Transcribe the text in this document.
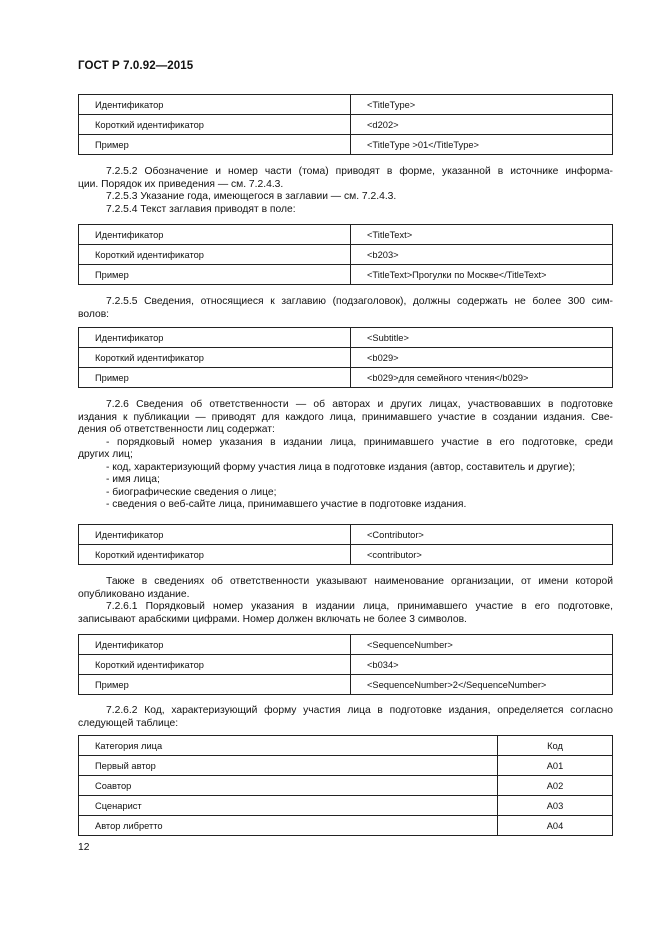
ГОСТ Р 7.0.92—2015
Идентификатор	<TitleType>
Короткий идентификатор	<d202>
Пример	<TitleType >01</TitleType>
7.2.5.2 Обозначение и номер части (тома) приводят в форме, указанной в источнике информа-
ции. Порядок их приведения — см. 7.2.4.3.
7.2.5.3 Указание года, имеющегося в заглавии — см. 7.2.4.3.
7.2.5.4 Текст заглавия приводят в поле:
Идентификатор	<TitleText>
Короткий идентификатор	<b203>
Пример	<TitleText>Прогулки по Москве</TitleText>
7.2.5.5 Сведения, относящиеся к заглавию (подзаголовок), должны содержать не более 300 сим-
волов:
Идентификатор	<Subtitle>
Короткий идентификатор	<b029>
Пример	<b029>для семейного чтения</b029>
7.2.6 Сведения об ответственности — об авторах и других лицах, участвовавших в подготовке
издания к публикации — приводят для каждого лица, принимавшего участие в создании издания. Све-
дения об ответственности лиц содержат:
- порядковый номер указания в издании лица, принимавшего участие в его подготовке, среди
других лиц;
- код, характеризующий форму участия лица в подготовке издания (автор, составитель и другие);
- имя лица;
- биографические сведения о лице;
- сведения о веб-сайте лица, принимавшего участие в подготовке издания.
Идентификатор	<Contributor>
Короткий идентификатор	<contributor>
Также в сведениях об ответственности указывают наименование организации, от имени которой
опубликовано издание.
7.2.6.1 Порядковый номер указания в издании лица, принимавшего участие в его подготовке,
записывают арабскими цифрами. Номер должен включать не более 3 символов.
Идентификатор	<SequenceNumber>
Короткий идентификатор	<b034>
Пример	<SequenceNumber>2</SequenceNumber>
7.2.6.2 Код, характеризующий форму участия лица в подготовке издания, определяется согласно
следующей таблице:
Категория лица	Код
Первый автор	A01
Соавтор	A02
Сценарист	A03
Автор либретто	A04
12
